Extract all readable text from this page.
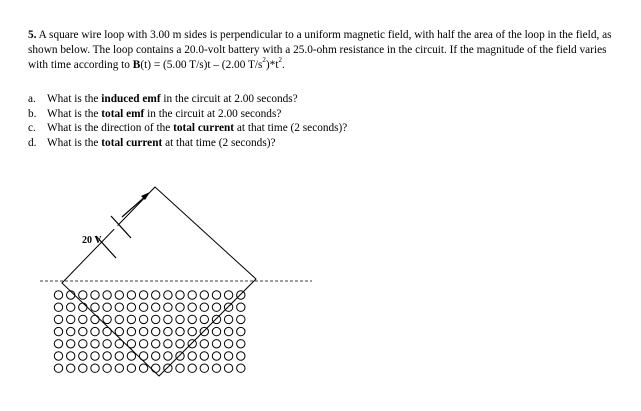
5. A square wire loop with 3.00 m sides is perpendicular to a uniform magnetic field, with half the area of the loop in the field, as shown below. The loop contains a 20.0-volt battery with a 25.0-ohm resistance in the circuit. If the magnitude of the field varies with time according to B(t) = (5.00 T/s)t – (2.00 $T/s^2)*t^2$.

a. What is the induced emf in the circuit at 2.00 seconds?
b. What is the total emf in the circuit at 2.00 seconds?
c. What is the direction of the total current at that time (2 seconds)?
d. What is the total current at that time (2 seconds)?
20 V
